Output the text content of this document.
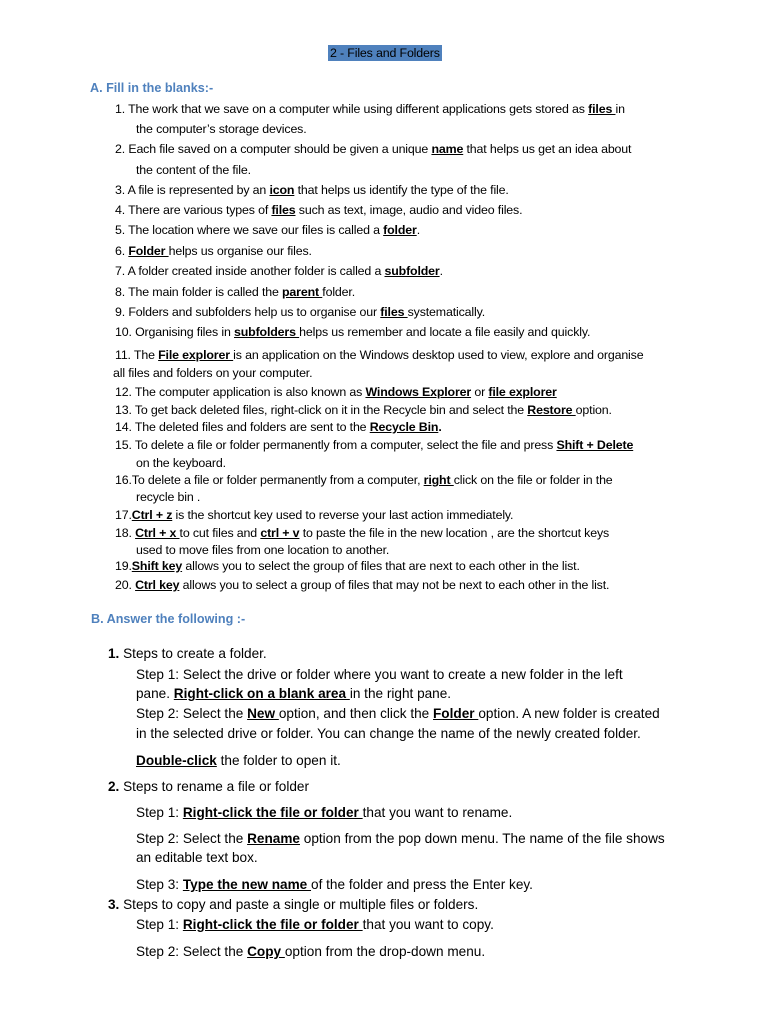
2 - Files and Folders
A. Fill in the blanks:-
1. The work that we save on a computer while using different applications gets stored as files in
the computer’s storage devices.
2. Each file saved on a computer should be given a unique name that helps us get an idea about
the content of the file.
3. A file is represented by an icon that helps us identify the type of the file.
4. There are various types of files such as text, image, audio and video files.
5. The location where we save our files is called a folder.
6. Folder helps us organise our files.
7. A folder created inside another folder is called a subfolder.
8. The main folder is called the parent folder.
9. Folders and subfolders help us to organise our files systematically.
10. Organising files in subfolders helps us remember and locate a file easily and quickly.
11. The File explorer is an application on the Windows desktop used to view, explore and organise
all files and folders on your computer.
12. The computer application is also known as Windows Explorer or file explorer
13. To get back deleted files, right-click on it in the Recycle bin and select the Restore option.
14. The deleted files and folders are sent to the Recycle Bin.
15. To delete a file or folder permanently from a computer, select the file and press Shift + Delete
on the keyboard.
16.To delete a file or folder permanently from a computer, right click on the file or folder in the
recycle bin .
17.Ctrl + z is the shortcut key used to reverse your last action immediately.
18. Ctrl + x to cut files and ctrl + v to paste the file in the new location , are the shortcut keys
used to move files from one location to another.
19.Shift key allows you to select the group of files that are next to each other in the list.
20. Ctrl key allows you to select a group of files that may not be next to each other in the list.
B. Answer the following :-
1. Steps to create a folder.
Step 1: Select the drive or folder where you want to create a new folder in the left
pane. Right-click on a blank area in the right pane.
Step 2: Select the New option, and then click the Folder option. A new folder is created
in the selected drive or folder. You can change the name of the newly created folder.
Double-click the folder to open it.
2. Steps to rename a file or folder
Step 1: Right-click the file or folder that you want to rename.
Step 2: Select the Rename option from the pop down menu. The name of the file shows
an editable text box.
Step 3: Type the new name of the folder and press the Enter key.
3. Steps to copy and paste a single or multiple files or folders.
Step 1: Right-click the file or folder that you want to copy.
Step 2: Select the Copy option from the drop-down menu.
